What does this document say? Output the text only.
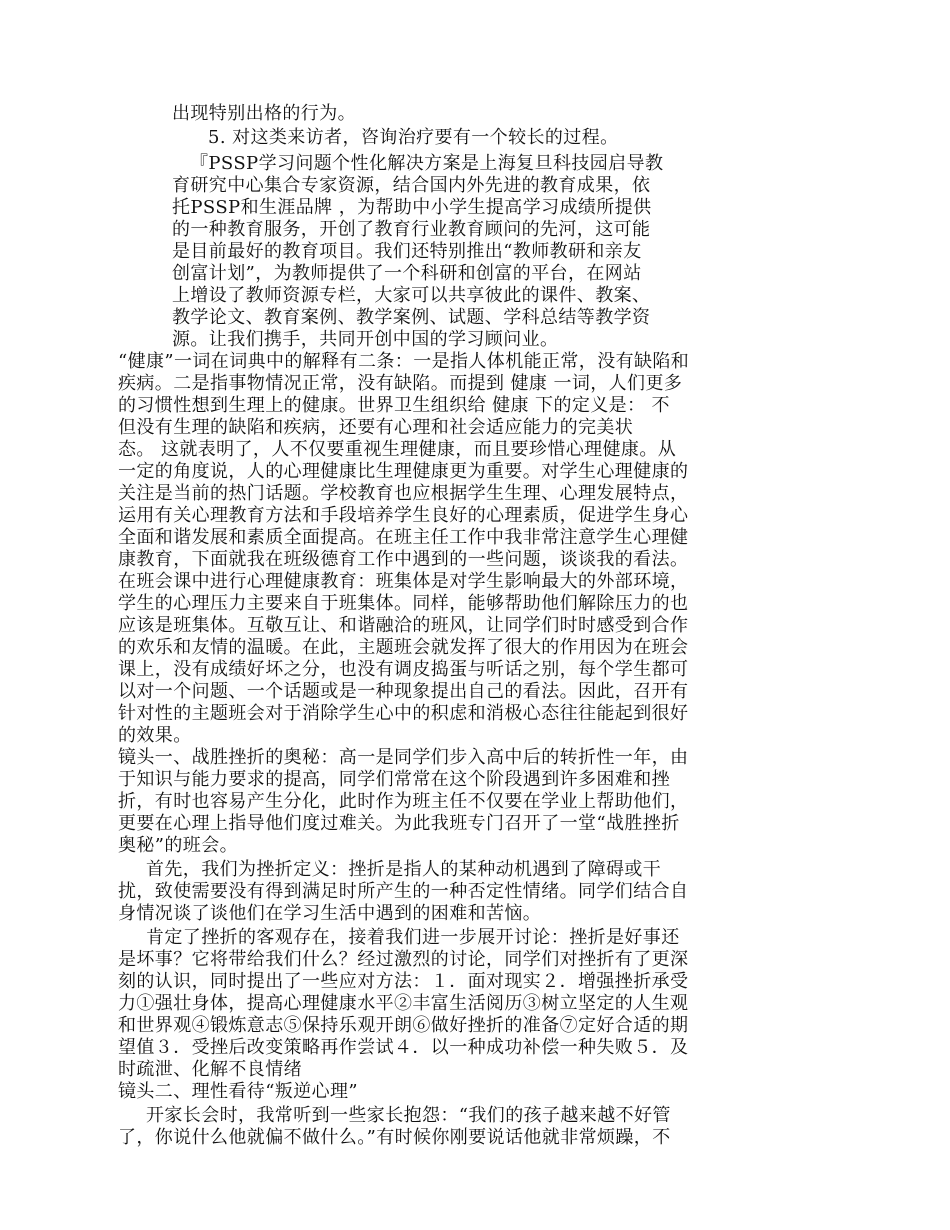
出现特别出格的行为。
5. 对这类来访者，咨询治疗要有一个较长的过程。
『PSSP学习问题个性化解决方案是上海复旦科技园启导教
育研究中心集合专家资源，结合国内外先进的教育成果，依
托PSSP和生涯品牌 ，为帮助中小学生提高学习成绩所提供
的一种教育服务，开创了教育行业教育顾问的先河，这可能
是目前最好的教育项目。我们还特别推出“教师教研和亲友
创富计划”，为教师提供了一个科研和创富的平台，在网站
上增设了教师资源专栏，大家可以共享彼此的课件、教案、
教学论文、教育案例、教学案例、试题、学科总结等教学资
源。让我们携手，共同开创中国的学习顾问业。
“健康”一词在词典中的解释有二条：一是指人体机能正常，没有缺陷和
疾病。二是指事物情况正常，没有缺陷。而提到 健康 一词，人们更多
的习惯性想到生理上的健康。世界卫生组织给 健康 下的定义是： 不
但没有生理的缺陷和疾病，还要有心理和社会适应能力的完美状
态。 这就表明了，人不仅要重视生理健康，而且要珍惜心理健康。从
一定的角度说，人的心理健康比生理健康更为重要。对学生心理健康的
关注是当前的热门话题。学校教育也应根据学生生理、心理发展特点，
运用有关心理教育方法和手段培养学生良好的心理素质，促进学生身心
全面和谐发展和素质全面提高。在班主任工作中我非常注意学生心理健
康教育，下面就我在班级德育工作中遇到的一些问题，谈谈我的看法。
在班会课中进行心理健康教育：班集体是对学生影响最大的外部环境，
学生的心理压力主要来自于班集体。同样，能够帮助他们解除压力的也
应该是班集体。互敬互让、和谐融洽的班风，让同学们时时感受到合作
的欢乐和友情的温暖。在此，主题班会就发挥了很大的作用因为在班会
课上，没有成绩好坏之分，也没有调皮捣蛋与听话之别，每个学生都可
以对一个问题、一个话题或是一种现象提出自己的看法。因此，召开有
针对性的主题班会对于消除学生心中的积虑和消极心态往往能起到很好
的效果。
镜头一、战胜挫折的奥秘：高一是同学们步入高中后的转折性一年，由
于知识与能力要求的提高，同学们常常在这个阶段遇到许多困难和挫
折，有时也容易产生分化，此时作为班主任不仅要在学业上帮助他们，
更要在心理上指导他们度过难关。为此我班专门召开了一堂“战胜挫折
奥秘”的班会。
首先，我们为挫折定义：挫折是指人的某种动机遇到了障碍或干
扰，致使需要没有得到满足时所产生的一种否定性情绪。同学们结合自
身情况谈了谈他们在学习生活中遇到的困难和苦恼。
肯定了挫折的客观存在，接着我们进一步展开讨论：挫折是好事还
是坏事？它将带给我们什么？经过激烈的讨论，同学们对挫折有了更深
刻的认识，同时提出了一些应对方法：１．面对现实２．增强挫折承受
力①强壮身体，提高心理健康水平②丰富生活阅历③树立坚定的人生观
和世界观④锻炼意志⑤保持乐观开朗⑥做好挫折的准备⑦定好合适的期
望值３．受挫后改变策略再作尝试４．以一种成功补偿一种失败５．及
时疏泄、化解不良情绪
镜头二、理性看待“叛逆心理”
开家长会时，我常听到一些家长抱怨：“我们的孩子越来越不好管
了，你说什么他就偏不做什么。”有时候你刚要说话他就非常烦躁，不
